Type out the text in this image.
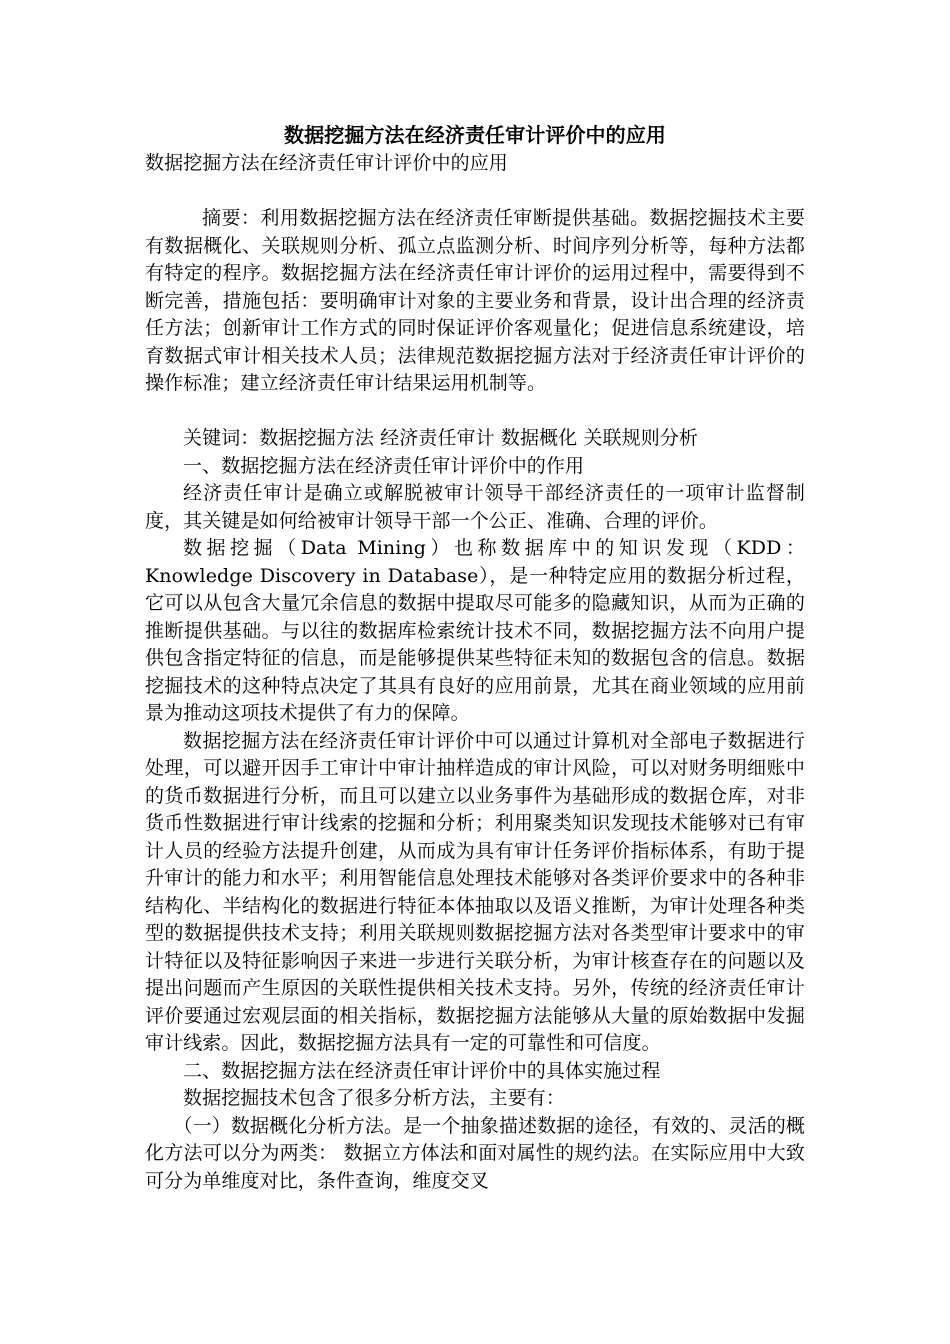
数据挖掘方法在经济责任审计评价中的应用

数据挖掘方法在经济责任审计评价中的应用

摘要：利用数据挖掘方法在经济责任审断提供基础。数据挖掘技术主要有数据概化、关联规则分析、孤立点监测分析、时间序列分析等，每种方法都有特定的程序。数据挖掘方法在经济责任审计评价的运用过程中，需要得到不断完善，措施包括：要明确审计对象的主要业务和背景，设计出合理的经济责任方法；创新审计工作方式的同时保证评价客观量化；促进信息系统建设，培育数据式审计相关技术人员；法律规范数据挖掘方法对于经济责任审计评价的操作标准；建立经济责任审计结果运用机制等。

关键词：数据挖掘方法 经济责任审计 数据概化 关联规则分析

一、数据挖掘方法在经济责任审计评价中的作用

经济责任审计是确立或解脱被审计领导干部经济责任的一项审计监督制度，其关键是如何给被审计领导干部一个公正、准确、合理的评价。

数据挖掘（Data Mining）也称数据库中的知识发现（KDD：Knowledge Discovery in Database），是一种特定应用的数据分析过程，它可以从包含大量冗余信息的数据中提取尽可能多的隐藏知识，从而为正确的推断提供基础。与以往的数据库检索统计技术不同，数据挖掘方法不向用户提供包含指定特征的信息，而是能够提供某些特征未知的数据包含的信息。数据挖掘技术的这种特点决定了其具有良好的应用前景，尤其在商业领域的应用前景为推动这项技术提供了有力的保障。

数据挖掘方法在经济责任审计评价中可以通过计算机对全部电子数据进行处理，可以避开因手工审计中审计抽样造成的审计风险，可以对财务明细账中的货币数据进行分析，而且可以建立以业务事件为基础形成的数据仓库，对非货币性数据进行审计线索的挖掘和分析；利用聚类知识发现技术能够对已有审计人员的经验方法提升创建，从而成为具有审计任务评价指标体系，有助于提升审计的能力和水平；利用智能信息处理技术能够对各类评价要求中的各种非结构化、半结构化的数据进行特征本体抽取以及语义推断，为审计处理各种类型的数据提供技术支持；利用关联规则数据挖掘方法对各类型审计要求中的审计特征以及特征影响因子来进一步进行关联分析，为审计核查存在的问题以及提出问题而产生原因的关联性提供相关技术支持。另外，传统的经济责任审计评价要通过宏观层面的相关指标，数据挖掘方法能够从大量的原始数据中发掘审计线索。因此，数据挖掘方法具有一定的可靠性和可信度。

二、数据挖掘方法在经济责任审计评价中的具体实施过程

数据挖掘技术包含了很多分析方法，主要有：

（一）数据概化分析方法。是一个抽象描述数据的途径，有效的、灵活的概化方法可以分为两类： 数据立方体法和面对属性的规约法。在实际应用中大致可分为单维度对比，条件查询，维度交叉
